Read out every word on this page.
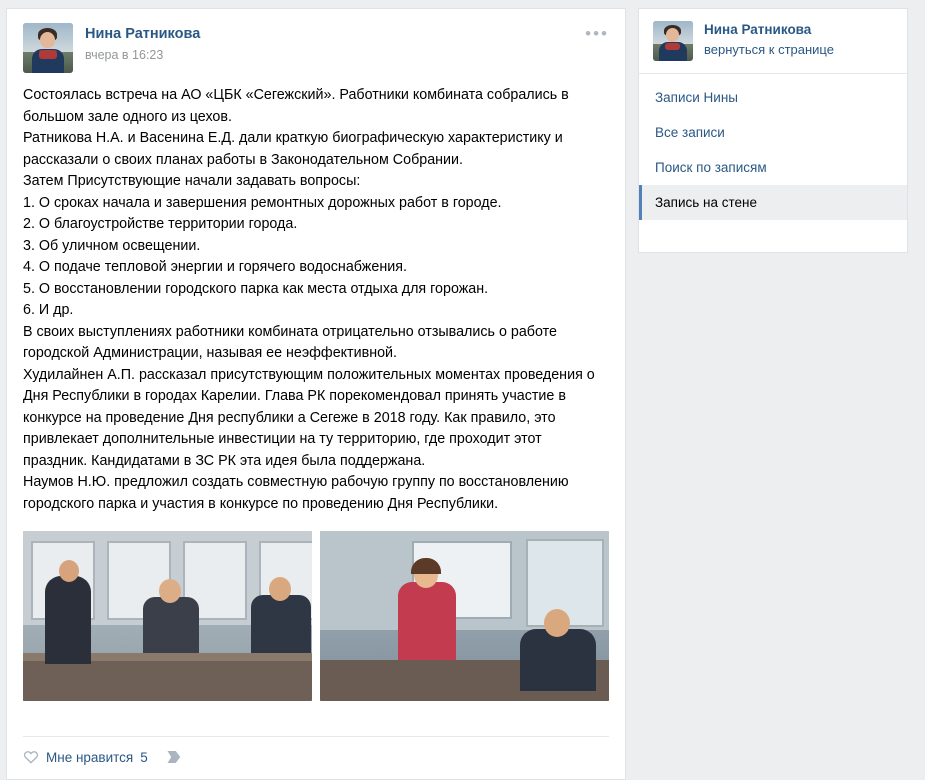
Нина Ратникова
вчера в 16:23
•••

Состоялась встреча на АО «ЦБК «Сегежский». Работники комбината собрались в большом зале одного из цехов.

Ратникова Н.А. и Васенина Е.Д. дали краткую биографическую характеристику и рассказали о своих планах работы в Законодательном Собрании.

Затем Присутствующие начали задавать вопросы:

1. О сроках начала и завершения ремонтных дорожных работ в городе.

2. О благоустройстве территории города.

3. Об уличном освещении.

4. О подаче тепловой энергии и горячего водоснабжения.

5. О восстановлении городского парка как места отдыха для горожан.

6. И др.

В своих выступлениях работники комбината отрицательно отзывались о работе городской Администрации, называя ее неэффективной.

Худилайнен А.П. рассказал присутствующим положительных моментах проведения о Дня Республики в городах Карелии. Глава РК порекомендовал принять участие в конкурсе на проведение Дня республики а Сегеже в 2018 году. Как правило, это привлекает дополнительные инвестиции на ту территорию, где проходит этот праздник. Кандидатами в ЗС РК эта идея была поддержана.

Наумов Н.Ю. предложил создать совместную рабочую группу по восстановлению городского парка и участия в конкурсе по проведению Дня Республики.

Мне нравится 5
Нина Ратникова
вернуться к странице
Записи Нины
Все записи
Поиск по записям
Запись на стене
